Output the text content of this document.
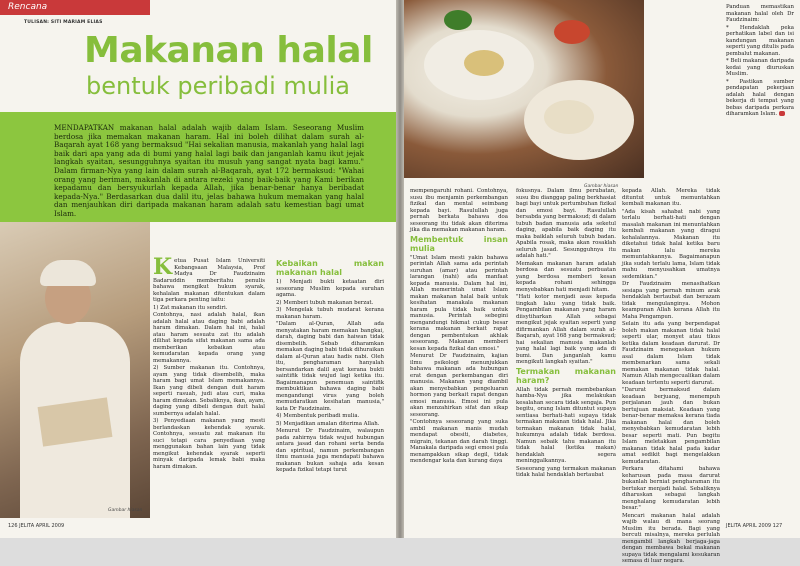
Rencana
TULISAN: SITI MARIAM ELIAS
Makanan halal
bentuk peribadi mulia
MENDAPATKAN makanan halal adalah wajib dalam Islam. Seseorang Muslim berdosa jika memakan makanan haram. Hal ini boleh dilihat dalam surah al-Baqarah ayat 168 yang bermaksud "Hai sekalian manusia, makanlah yang halal lagi baik dari apa yang ada di bumi yang halal lagi baik dan janganlah kamu ikut jejak langkah syaitan, sesungguhnya syaitan itu musuh yang sangat nyata bagi kamu." Dalam firman-Nya yang lain dalam surah al-Baqarah, ayat 172 bermaksud: "Wahai orang yang beriman, makanlah di antara rezeki yang baik-baik yang Kami berikan kepadamu dan bersyukurlah kepada Allah, jika benar-benar hanya beribadat kepada-Nya." Berdasarkan dua dalil itu, jelas bahawa hukum memakan yang halal dan menjauhkan diri daripada makanan haram adalah satu kemestian bagi umat Islam.
Gambar hiasan

Ketua Pusat Islam Universiti Kebangsaan Malaysia, Prof Madya Dr Faudzinaim Badaruddin memberitahu penulis bahawa mengikut hukum syarak, kehalalan makanan ditentukan dalam tiga perkara penting iaitu:

1) Zat makanan itu sendiri.

Contohnya, nasi adalah halal, ikan adalah halal atau daging babi adalah haram dimakan. Dalam hal ini, halal atau haram sesuatu zat itu adalah dilihat kepada sifat makanan sama ada memberikan kebaikan atau kemudaratan kepada orang yang memakannya.

2) Sumber makanan itu. Contohnya, ayam yang tidak disembelih, maka haram bagi umat Islam memakannya. Ikan yang dibeli dengan duit haram seperti rasuah, judi atau curi, maka haram dimakan. Sebaliknya, ikan, ayam, daging yang dibeli dengan duit halal sumbernya adalah halal.

3) Penyediaan makanan yang mesti berlandaskan kehendak syarak. Contohnya, sesuatu zat makanan itu suci tetapi cara penyediaan yang menggunakan bahan lain yang tidak mengikut kehendak syarak seperti minyak daripada lemak babi maka haram dimakan.

Kebaikan makan makanan halal

1) Menjadi bukti ketaatan diri seseorang Muslim kepada suruhan agama.

2) Memberi tubuh makanan berzat.

3) Mengelak tubuh mudarat kerana makanan haram.

"Dalam al-Quran, Allah ada menyatakan haram memakan bangkai, darah, daging babi dan haiwan tidak disembelih. Sebab diharamkan memakan daging babi tidak dihuraikan dalam al-Quran atau hadis nabi. Oleh itu, pengharaman hanyalah bersandarkan dalil ayat kerana bukti saintifik tidak wujud lagi ketika itu. Bagaimanapun penemuan saintifik membuktikan bahawa daging babi mengandungi virus yang boleh memudaratkan kesihatan manusia," kata Dr Faudzinaim.

4) Membentuk peribadi mulia.

5) Menjadikan amalan diterima Allah.

Menurut Dr Faudzinaim, walaupun pada zahirnya tidak wujud hubungan antara jasad dan rohani serta benda dan spiritual, namun perkembangan ilmu manusia juga mendapati bahawa makanan bukan sahaja ada kesan kepada fizikal tetapi turut

126 JELITA APRIL 2009
Gambar hiasan

mempengaruhi rohani. Contohnya, susu ibu menjamin perkembangan fizikal dan mental seimbang kepada bayi. Rasulullah juga pernah berkata bahawa doa seseorang itu tidak akan diterima jika dia memakan makanan haram.

Membentuk insan mulia

"Umat Islam mesti yakin bahawa perintah Allah sama ada perintah suruhan (amar) atau perintah larangan (nahi) ada manfaat kepada manusia. Dalam hal ini, Allah memerintah umat Islam makan makanan halal baik untuk kesihatan manakala makanan haram pula tidak baik untuk manusia. Perintah sebegini mengandungi hikmat cukup besar kerana makanan berkait rapat dengan pembentukan akhlak seseorang. Makanan memberi kesan kepada fizikal dan emosi."

Menurut Dr Faudzinaim, kajian ilmu psikologi menunjukkan bahawa makanan ada hubungan erat dengan perkembangan diri manusia. Makanan yang diambil akan menyebabkan pengeluaran hormon yang berkait rapat dengan emosi manusia. Emosi ini pula akan menzahirkan sifat dan sikap seseorang.

"Contohnya seseorang yang suka ambil makanan manis mudah mendapat obesiti, diabetes, migrain, tekanan dan darah tinggi. Manakala daripada segi emosi pula menampakkan sikap degil, tidak mendengar kata dan kurang daya

fokusnya. Dalam ilmu perubatan, susu ibu dianggap paling berkhasiat bagi bayi untuk pertumbuhan fizikal dan emosi bayi. Rasulullah bersabda yang bermaksud; di dalam tubuh badan manusia ada seketul daging, apabila baik daging itu maka baiklah seluruh tubuh badan. Apabila rosak, maka akan rosaklah seluruh jasad. Sesungguhnya itu adalah hati."

Memakan makanan haram adalah berdosa dan sesuatu perbuatan yang berdosa memberi kesan kepada rohani sehingga menyebabkan hati menjadi hitam.

"Hati kotor menjadi asas kepada tingkah laku yang tidak baik. Pengambilan makanan yang haram diisytiharkan Allah sebagai mengikut jejak syaitan seperti yang difirmankan Allah dalam surah al-Baqarah, ayat 168 yang bermaksud; hai sekalian manusia makanlah yang halal lagi baik yang ada di bumi. Dan janganlah kamu mengikuti langkah syaitan."

Termakan makanan haram?

Allah tidak pernah membebankan hamba-Nya jika melakukan kesalahan secara tidak sengaja. Pun begitu, orang Islam dituntut supaya sentiasa berhati-hati supaya tidak termakan makanan tidak halal. Jika termakan makanan tidak halal, hukumnya adalah tidak berdosa. Namun sebaik tahu makanan itu tidak halal (ketika makan) hendaklah segera meninggalkannya.

Seseorang yang termakan makanan tidak halal hendaklah bertaubat

kepada Allah. Mereka tidak dituntut untuk memuntahkan kembali makanan itu.

"Ada kisah sahabat nabi yang terlalu berhati-hati dengan masalah makanan ini menuntahkan kembali makanan yang diragui kehalalannya. Makanan itu diketahui tidak halal ketika baru makan lalu mereka memuntahkannya. Bagaimanapun jika sudah terlalu lama, Islam tidak mahu menyusahkan umatnya sedemikian."

Dr Faudzinaim menasihatkan sesiapa yang pernah minum arak hendaklah bertaubat dan berazam tidak mengulanginya. Mohon keampunan Allah kerana Allah itu Maha Pengampun.

Selain itu ada yang berpendapat boleh makan makanan tidak halal seperti ular, monyet atau tikus ketika dalam keadaan darurat. Dr Faudzinaim menegaskan hukum asal dalam Islam tidak membenarkan sama sekali memakan makanan tidak halal. Namun Allah mengecualikan dalam keadaan tertentu seperti darurat.

"Darurat bermaksud dalam keadaan berjuang, menempuh perjalanan jauh dan bukan bertujuan maksiat. Keadaan yang benar-benar memaksa kerana tiada makanan halal dan boleh menyebabkan kemudaratan lebih besar seperti mati. Pun begitu Islam meletakkan pengambilan makanan tidak halal pada kadar amat sedikit bagi mengelakkan kemudaratan.

Perkara ditahami bahawa keharusan pada masa darurat bukanlah berniat pengharaman itu bertukar menjadi halal. Sebaliknya diharuskan sebagai langkah menghalang kemudaratan lebih besar."

Mencari makanan halal adalah wajib walau di mana seorang Muslim itu berada. Bagi yang bercuti misalnya, mereka perlulah mengambil langkah berjaga-jaga dengan membawa bekal makanan supaya tidak mengalami kesukaran semasa di luar negara.

Panduan memastikan makanan halal oleh Dr Faudzinaim:

* Hendaklah peka perhatikan label dan isi kandungan makanan seperti yang ditulis pada pembalut makanan.

* Beli makanan daripada kedai yang diuruskan Muslim.

* Pastikan sumber pendapatan pekerjaan adalah halal dengan bekerja di tempat yang bebas daripada perkara diharamkan Islam.

JELITA APRIL 2009 127
